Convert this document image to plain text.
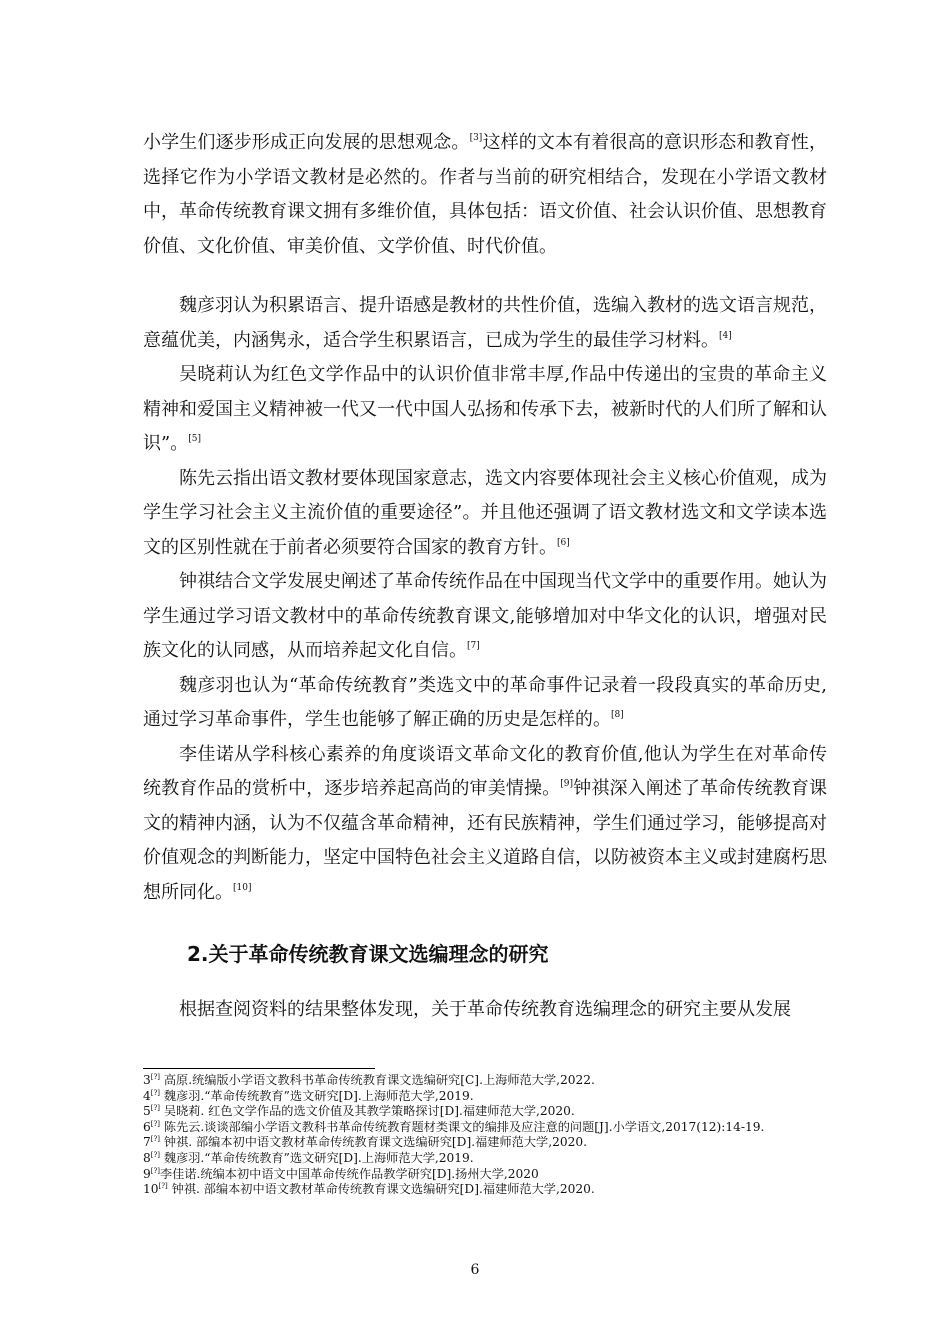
小学生们逐步形成正向发展的思想观念。[3]这样的文本有着很高的意识形态和教育性，选择它作为小学语文教材是必然的。作者与当前的研究相结合，发现在小学语文教材中，革命传统教育课文拥有多维价值，具体包括：语文价值、社会认识价值、思想教育价值、文化价值、审美价值、文学价值、时代价值。

魏彦羽认为积累语言、提升语感是教材的共性价值，选编入教材的选文语言规范，意蕴优美，内涵隽永，适合学生积累语言，已成为学生的最佳学习材料。[4]

吴晓莉认为红色文学作品中的认识价值非常丰厚,作品中传递出的宝贵的革命主义精神和爱国主义精神被一代又一代中国人弘扬和传承下去，被新时代的人们所了解和认识”。[5]

陈先云指出语文教材要体现国家意志，选文内容要体现社会主义核心价值观，成为学生学习社会主义主流价值的重要途径”。并且他还强调了语文教材选文和文学读本选文的区别性就在于前者必须要符合国家的教育方针。[6]

钟祺结合文学发展史阐述了革命传统作品在中国现当代文学中的重要作用。她认为学生通过学习语文教材中的革命传统教育课文,能够增加对中华文化的认识，增强对民族文化的认同感，从而培养起文化自信。[7]

魏彦羽也认为“革命传统教育”类选文中的革命事件记录着一段段真实的革命历史,通过学习革命事件，学生也能够了解正确的历史是怎样的。[8]

李佳诺从学科核心素养的角度谈语文革命文化的教育价值,他认为学生在对革命传统教育作品的赏析中，逐步培养起高尚的审美情操。[9]钟祺深入阐述了革命传统教育课文的精神内涵，认为不仅蕴含革命精神，还有民族精神，学生们通过学习，能够提高对价值观念的判断能力，坚定中国特色社会主义道路自信，以防被资本主义或封建腐朽思想所同化。[10]

2.关于革命传统教育课文选编理念的研究

根据查阅资料的结果整体发现，关于革命传统教育选编理念的研究主要从发展

3[?] 高原.统编版小学语文教科书革命传统教育课文选编研究[C].上海师范大学,2022.

4[?] 魏彦羽.“革命传统教育”选文研究[D].上海师范大学,2019.

5[?] 吴晓莉. 红色文学作品的选文价值及其教学策略探讨[D].福建师范大学,2020.

6[?] 陈先云.谈谈部编小学语文教科书革命传统教育题材类课文的编排及应注意的问题[J].小学语文,2017(12):14-19.

7[?] 钟祺. 部编本初中语文教材革命传统教育课文选编研究[D].福建师范大学,2020.

8[?] 魏彦羽.“革命传统教育”选文研究[D].上海师范大学,2019.

9[?]李佳诺.统编本初中语文中国革命传统作品教学研究[D].扬州大学,2020

10[?] 钟祺. 部编本初中语文教材革命传统教育课文选编研究[D].福建师范大学,2020.

6
